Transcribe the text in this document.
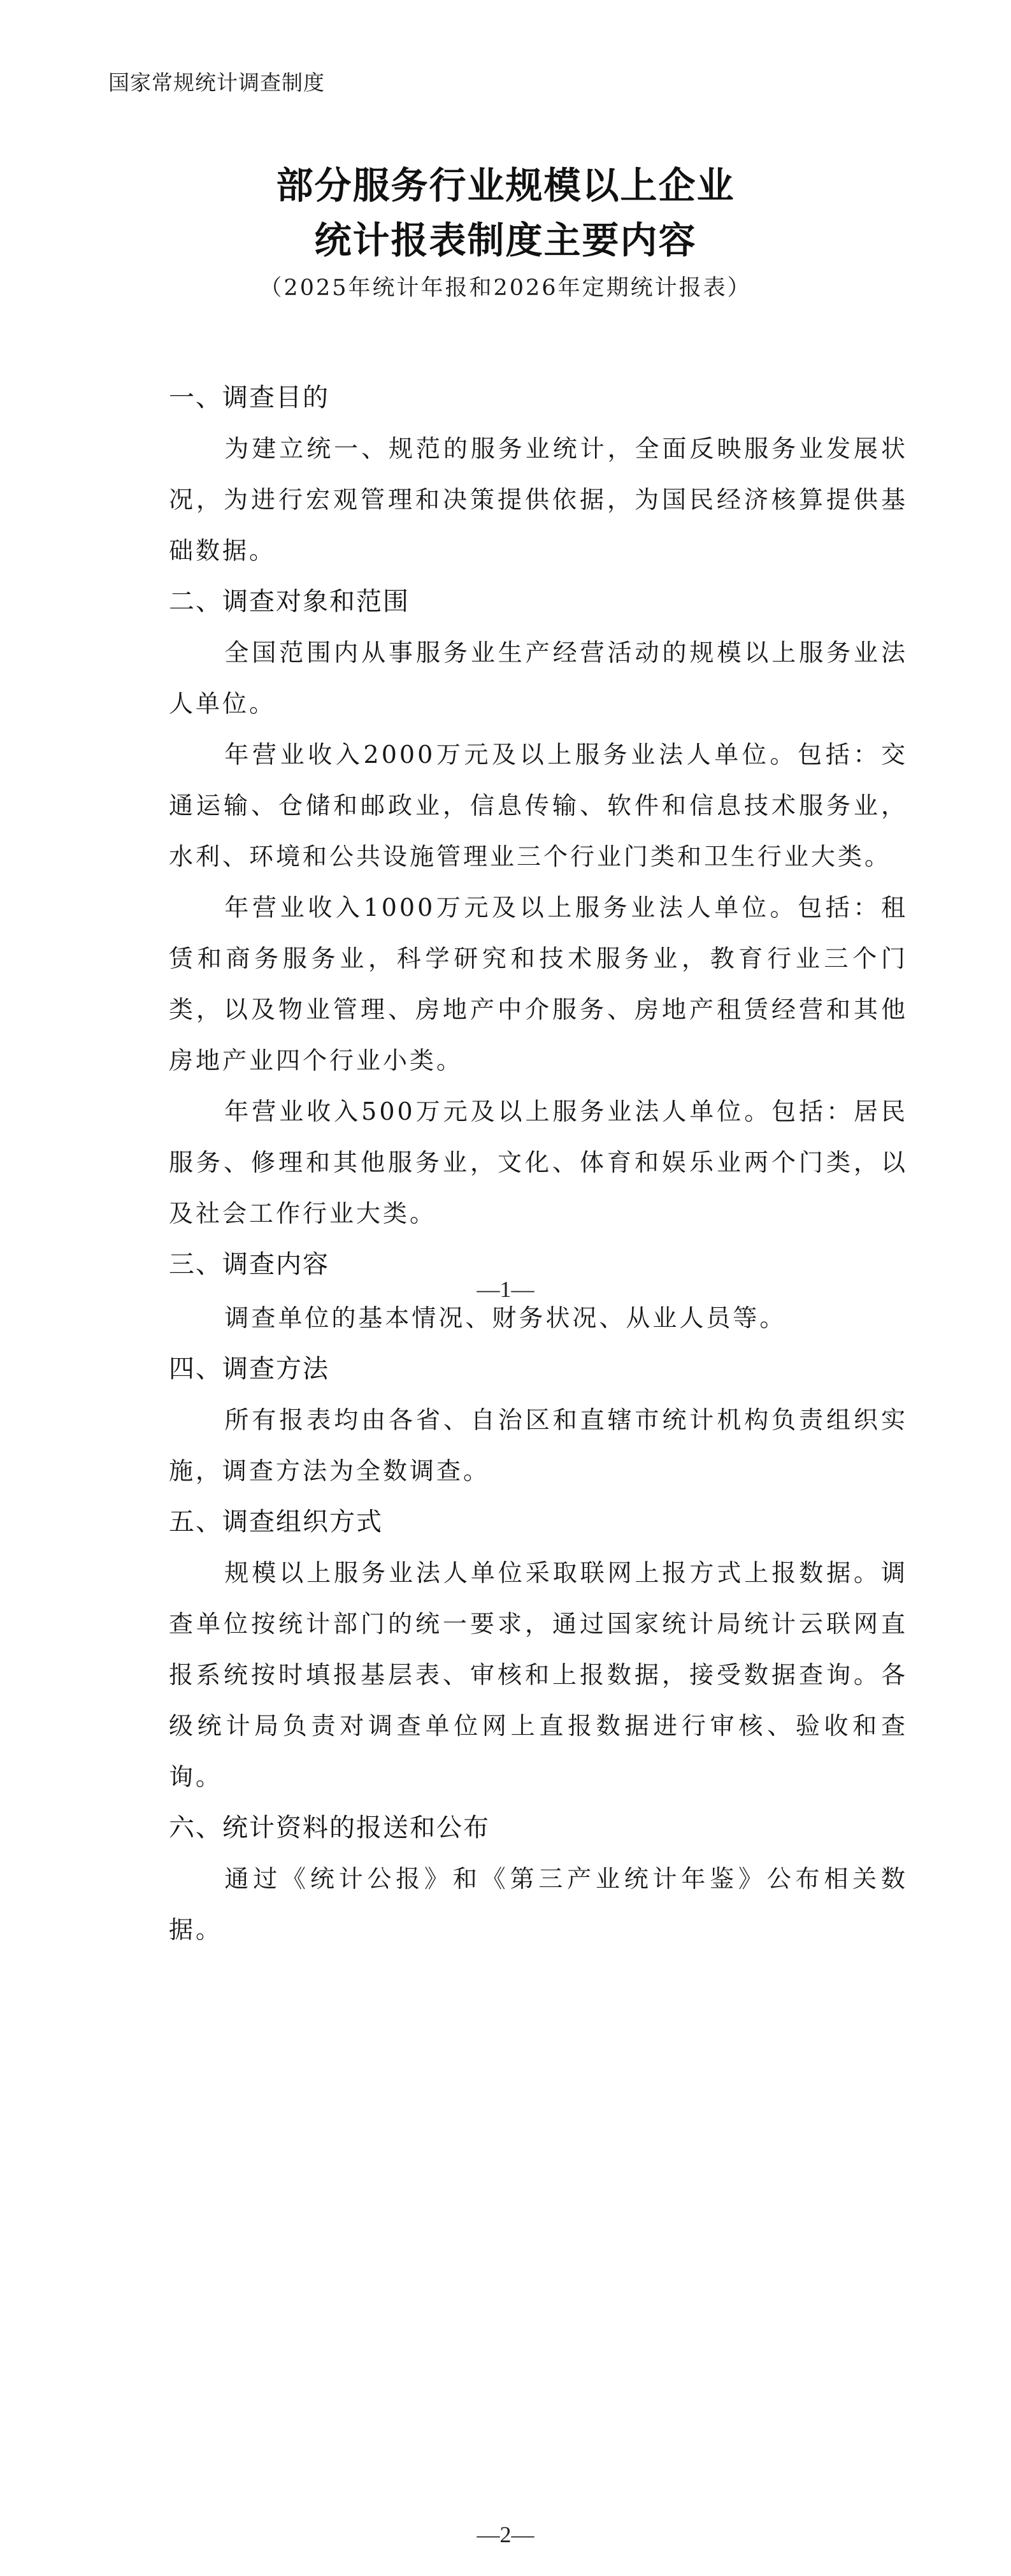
国家常规统计调查制度
部分服务行业规模以上企业
统计报表制度主要内容
（2025年统计年报和2026年定期统计报表）
一、调查目的

为建立统一、规范的服务业统计，全面反映服务业发展状况，为进行宏观管理和决策提供依据，为国民经济核算提供基础数据。

二、调查对象和范围

全国范围内从事服务业生产经营活动的规模以上服务业法人单位。

年营业收入2000万元及以上服务业法人单位。包括：交通运输、仓储和邮政业，信息传输、软件和信息技术服务业，水利、环境和公共设施管理业三个行业门类和卫生行业大类。

年营业收入1000万元及以上服务业法人单位。包括：租赁和商务服务业，科学研究和技术服务业，教育行业三个门类，以及物业管理、房地产中介服务、房地产租赁经营和其他房地产业四个行业小类。

年营业收入500万元及以上服务业法人单位。包括：居民服务、修理和其他服务业，文化、体育和娱乐业两个门类，以及社会工作行业大类。

三、调查内容
—1—

调查单位的基本情况、财务状况、从业人员等。

四、调查方法

所有报表均由各省、自治区和直辖市统计机构负责组织实施，调查方法为全数调查。

五、调查组织方式

规模以上服务业法人单位采取联网上报方式上报数据。调查单位按统计部门的统一要求，通过国家统计局统计云联网直报系统按时填报基层表、审核和上报数据，接受数据查询。各级统计局负责对调查单位网上直报数据进行审核、验收和查询。

六、统计资料的报送和公布

通过《统计公报》和《第三产业统计年鉴》公布相关数据。

—2—
